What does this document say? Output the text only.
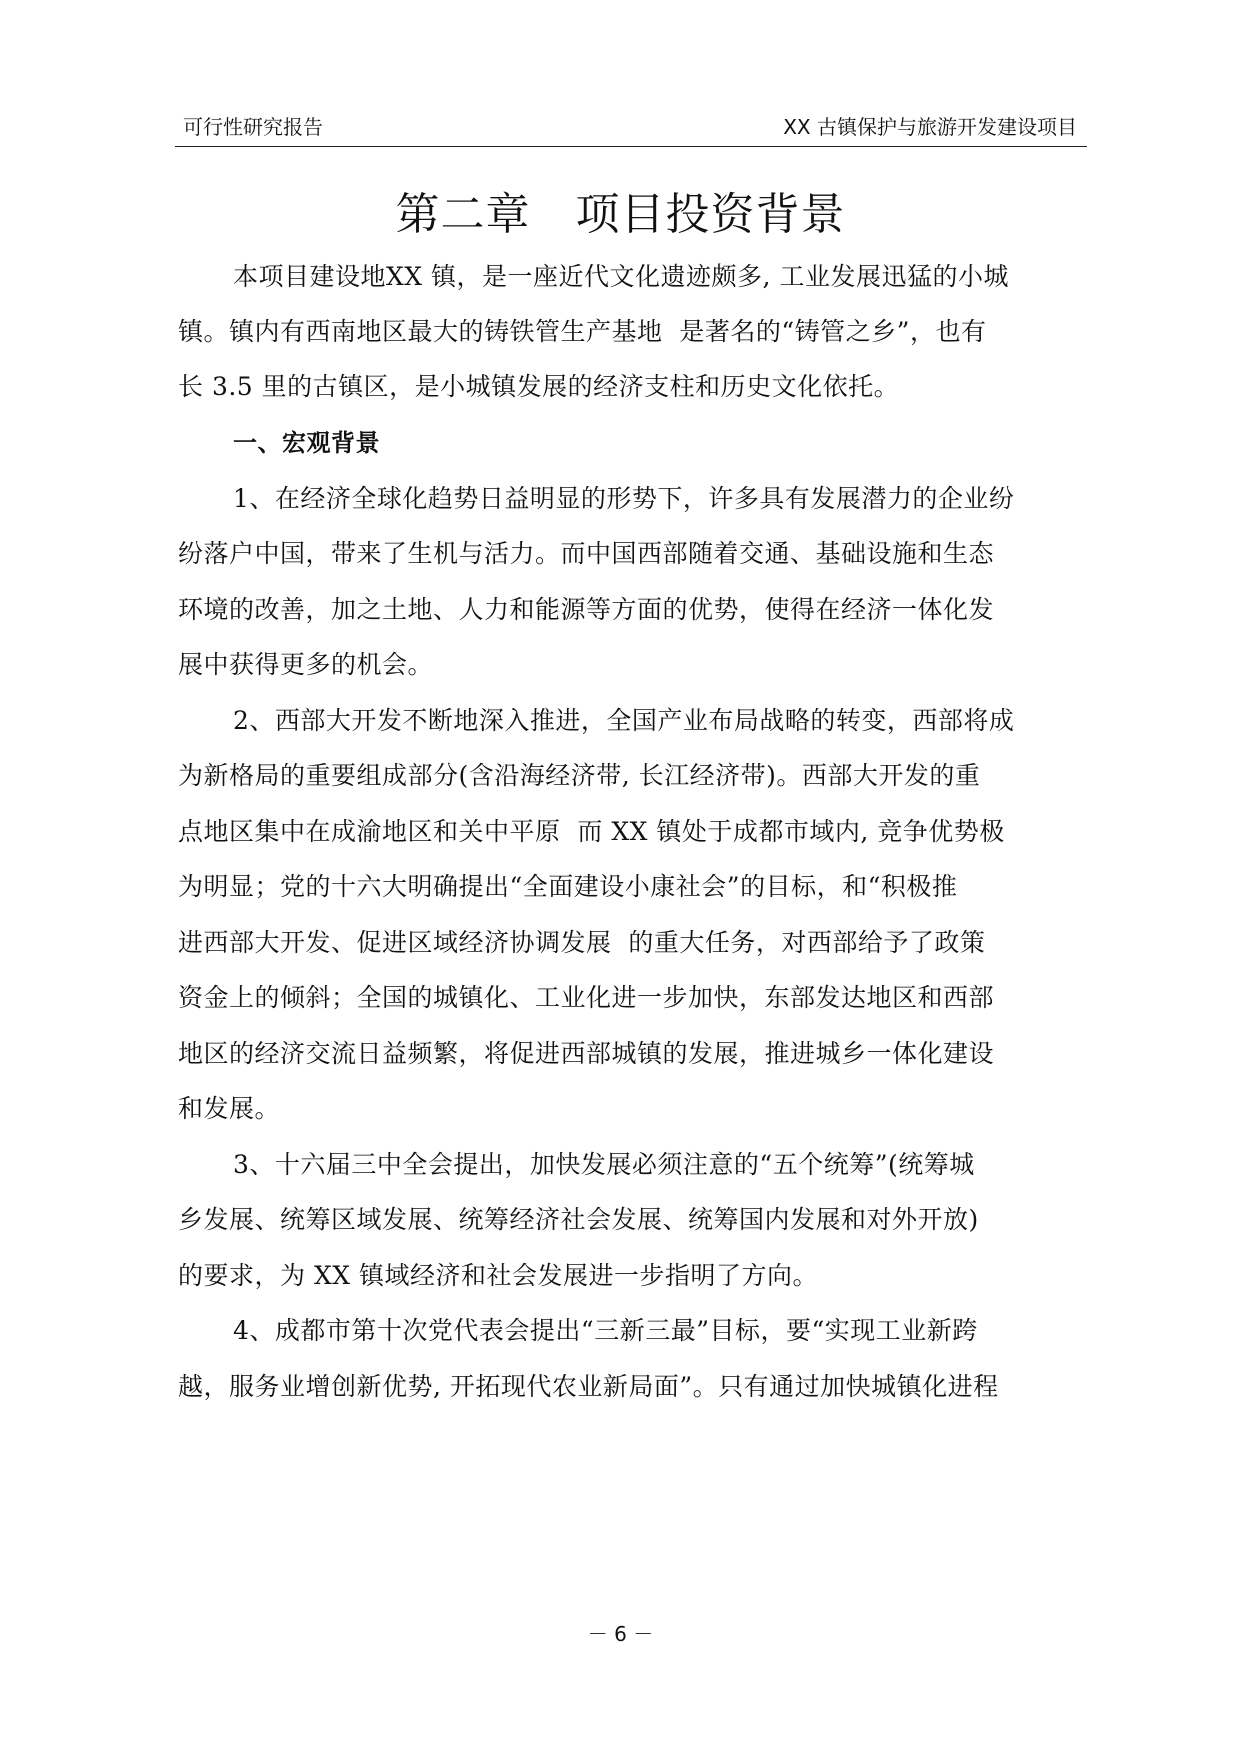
可行性研究报告	XX 古镇保护与旅游开发建设项目
第二章　项目投资背景
本项目建设地XX 镇，是一座近代文化遗迹颇多, 工业发展迅猛的小城
镇。镇内有西南地区最大的铸铁管生产基地  是著名的“铸管之乡”，也有
长 3.5 里的古镇区，是小城镇发展的经济支柱和历史文化依托。
一、宏观背景
1、在经济全球化趋势日益明显的形势下，许多具有发展潜力的企业纷
纷落户中国，带来了生机与活力。而中国西部随着交通、基础设施和生态
环境的改善，加之土地、人力和能源等方面的优势，使得在经济一体化发
展中获得更多的机会。
2、西部大开发不断地深入推进，全国产业布局战略的转变，西部将成
为新格局的重要组成部分(含沿海经济带, 长江经济带)。西部大开发的重
点地区集中在成渝地区和关中平原  而 XX 镇处于成都市域内, 竞争优势极
为明显；党的十六大明确提出“全面建设小康社会”的目标，和“积极推
进西部大开发、促进区域经济协调发展  的重大任务，对西部给予了政策
资金上的倾斜；全国的城镇化、工业化进一步加快，东部发达地区和西部
地区的经济交流日益频繁，将促进西部城镇的发展，推进城乡一体化建设
和发展。
3、十六届三中全会提出，加快发展必须注意的“五个统筹”(统筹城
乡发展、统筹区域发展、统筹经济社会发展、统筹国内发展和对外开放)
的要求，为 XX 镇域经济和社会发展进一步指明了方向。
4、成都市第十次党代表会提出“三新三最”目标，要“实现工业新跨
越，服务业增创新优势, 开拓现代农业新局面”。只有通过加快城镇化进程
－ 6 －
